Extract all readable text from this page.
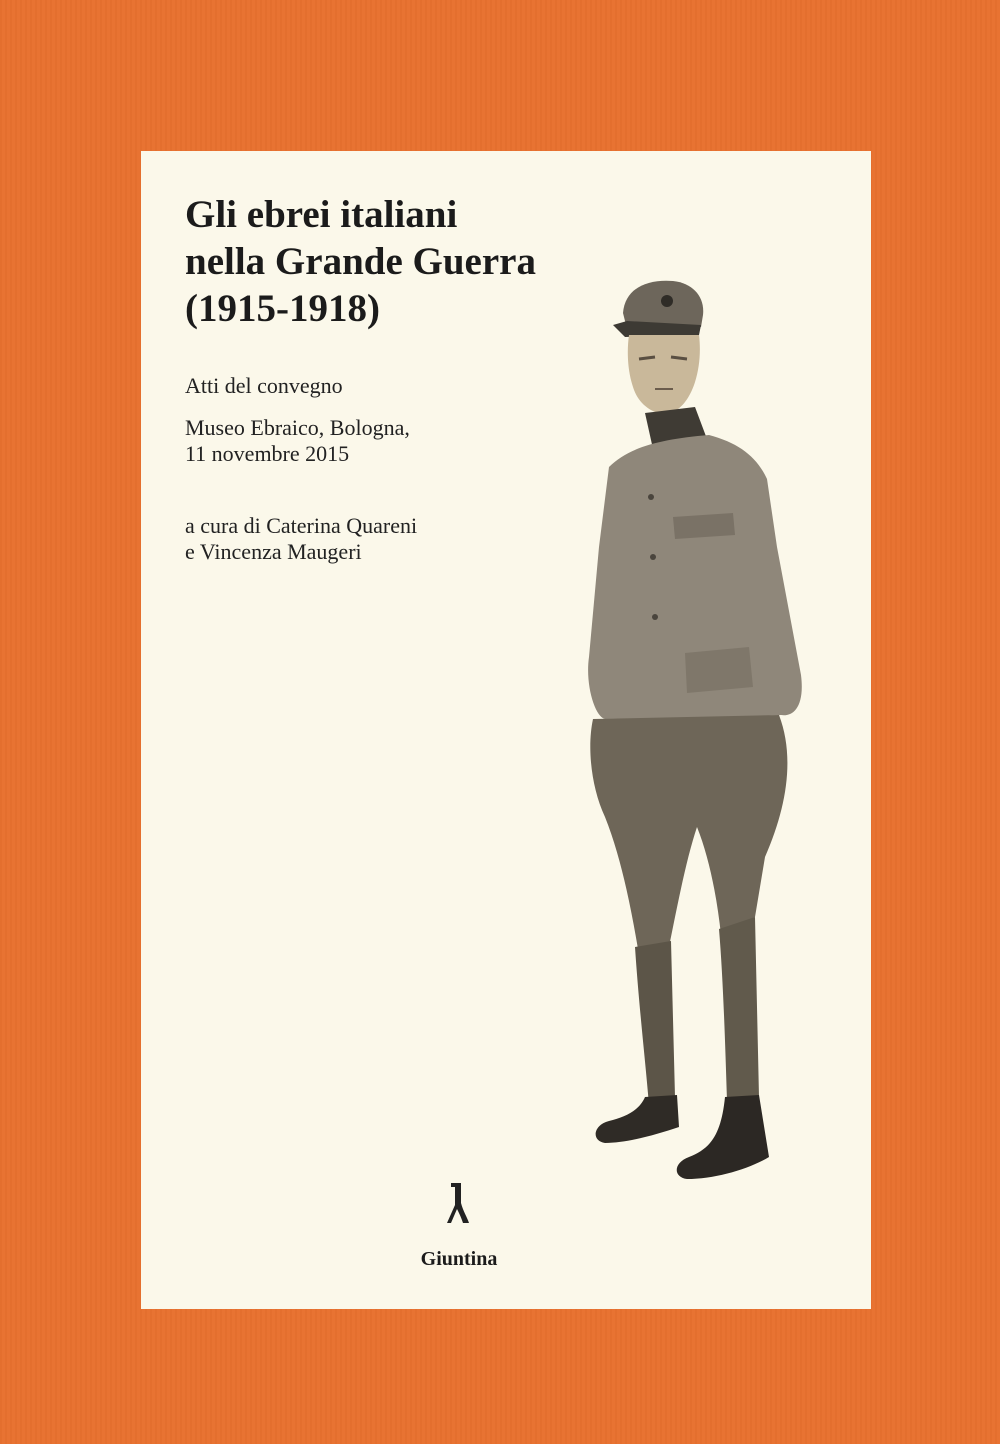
Gli ebrei italiani
nella Grande Guerra
(1915-1918)
Atti del convegno
Museo Ebraico, Bologna,
11 novembre 2015
a cura di Caterina Quareni
e Vincenza Maugeri
Giuntina
